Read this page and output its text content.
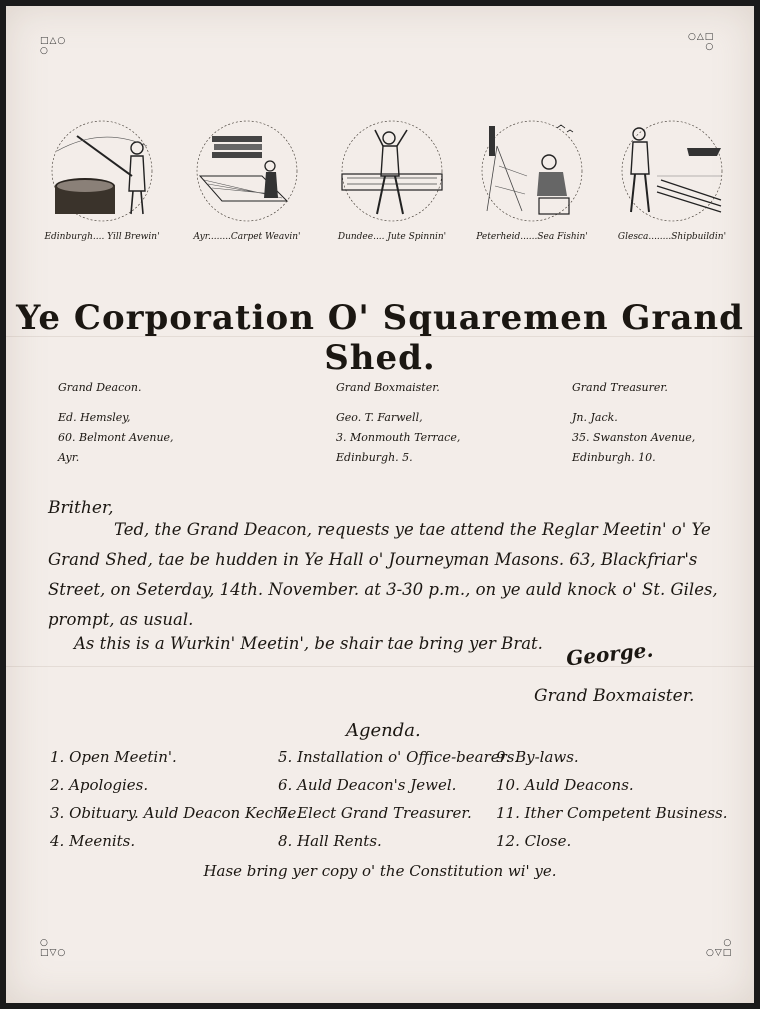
□△○
○
○△□
○
○
□▽○
○
○▽□
Edinburgh.... Yill Brewin'	Ayr........Carpet Weavin'	Dundee.... Jute Spinnin'	Peterheid......Sea Fishin'	Glesca........Shipbuildin'
Ye Corporation O' Squaremen Grand Shed.
Grand Deacon.
Ed. Hemsley,
60. Belmont Avenue,
Ayr.
Grand Boxmaister.
Geo. T. Farwell,
3. Monmouth Terrace,
Edinburgh. 5.
Grand Treasurer.
Jn. Jack.
35. Swanston Avenue,
Edinburgh. 10.
Brither,
Ted, the Grand Deacon, requests ye tae attend the Reglar Meetin' o' Ye
Grand Shed, tae be hudden in Ye Hall o' Journeyman Masons. 63, Blackfriar's
Street, on Seterday, 14th. November. at 3-30 p.m., on ye auld knock o' St. Giles,
prompt, as usual.
As this is a Wurkin' Meetin', be shair tae bring yer Brat. George.
Grand Boxmaister.
Agenda.
1. Open Meetin'.
2. Apologies.
3. Obituary. Auld Deacon Kechie.
4. Meenits.
5. Installation o' Office-bearers.
6. Auld Deacon's Jewel.
7. Elect Grand Treasurer.
8. Hall Rents.
9. By-laws.
10. Auld Deacons.
11. Ither Competent Business.
12. Close.
Hase bring yer copy o' the Constitution wi' ye.
